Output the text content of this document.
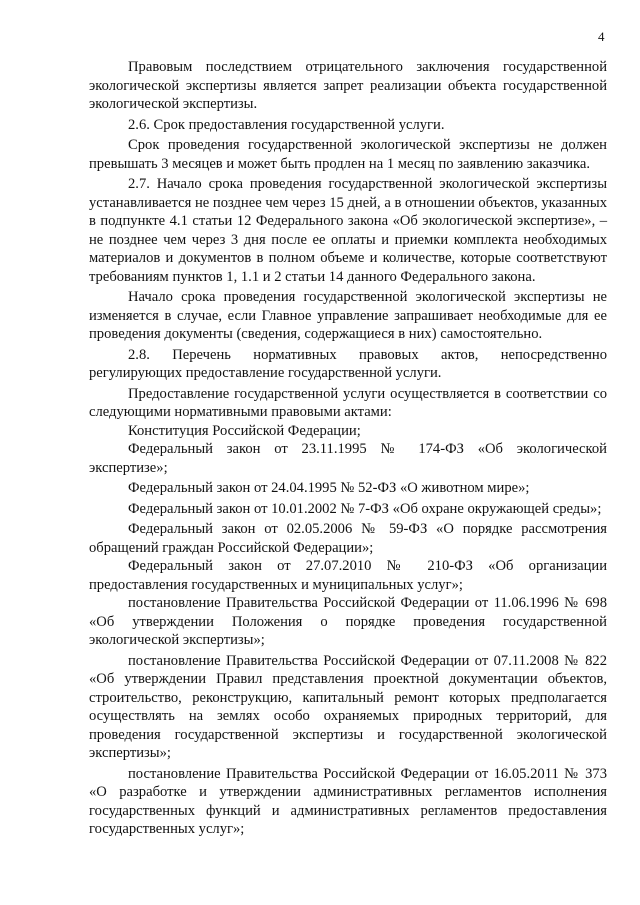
4

Правовым последствием отрицательного заключения государственной экологической экспертизы является запрет реализации объекта государственной экологической экспертизы.

2.6. Срок предоставления государственной услуги.

Срок проведения государственной экологической экспертизы не должен превышать 3 месяцев и может быть продлен на 1 месяц по заявлению заказчика.

2.7. Начало срока проведения государственной экологической экспертизы устанавливается не позднее чем через 15 дней, а в отношении объектов, указанных в подпункте 4.1 статьи 12 Федерального закона «Об экологической экспертизе», – не позднее чем через 3 дня после ее оплаты и приемки комплекта необходимых материалов и документов в полном объеме и количестве, которые соответствуют требованиям пунктов 1, 1.1 и 2 статьи 14 данного Федерального закона.

Начало срока проведения государственной экологической экспертизы не изменяется в случае, если Главное управление запрашивает необходимые для ее проведения документы (сведения, содержащиеся в них) самостоятельно.

2.8. Перечень нормативных правовых актов, непосредственно регулирующих предоставление государственной услуги.

Предоставление государственной услуги осуществляется в соответствии со следующими нормативными правовыми актами:

Конституция Российской Федерации;

Федеральный закон от 23.11.1995 № 174-ФЗ «Об экологической экспертизе»;

Федеральный закон от 24.04.1995 № 52-ФЗ «О животном мире»;

Федеральный закон от 10.01.2002 № 7-ФЗ «Об охране окружающей среды»;

Федеральный закон от 02.05.2006 № 59-ФЗ «О порядке рассмотрения обращений граждан Российской Федерации»;

Федеральный закон от 27.07.2010 № 210-ФЗ «Об организации предоставления государственных и муниципальных услуг»;

постановление Правительства Российской Федерации от 11.06.1996 № 698 «Об утверждении Положения о порядке проведения государственной экологической экспертизы»;

постановление Правительства Российской Федерации от 07.11.2008 № 822 «Об утверждении Правил представления проектной документации объектов, строительство, реконструкцию, капитальный ремонт которых предполагается осуществлять на землях особо охраняемых природных территорий, для проведения государственной экспертизы и государственной экологической экспертизы»;

постановление Правительства Российской Федерации от 16.05.2011 № 373 «О разработке и утверждении административных регламентов исполнения государственных функций и административных регламентов предоставления государственных услуг»;
